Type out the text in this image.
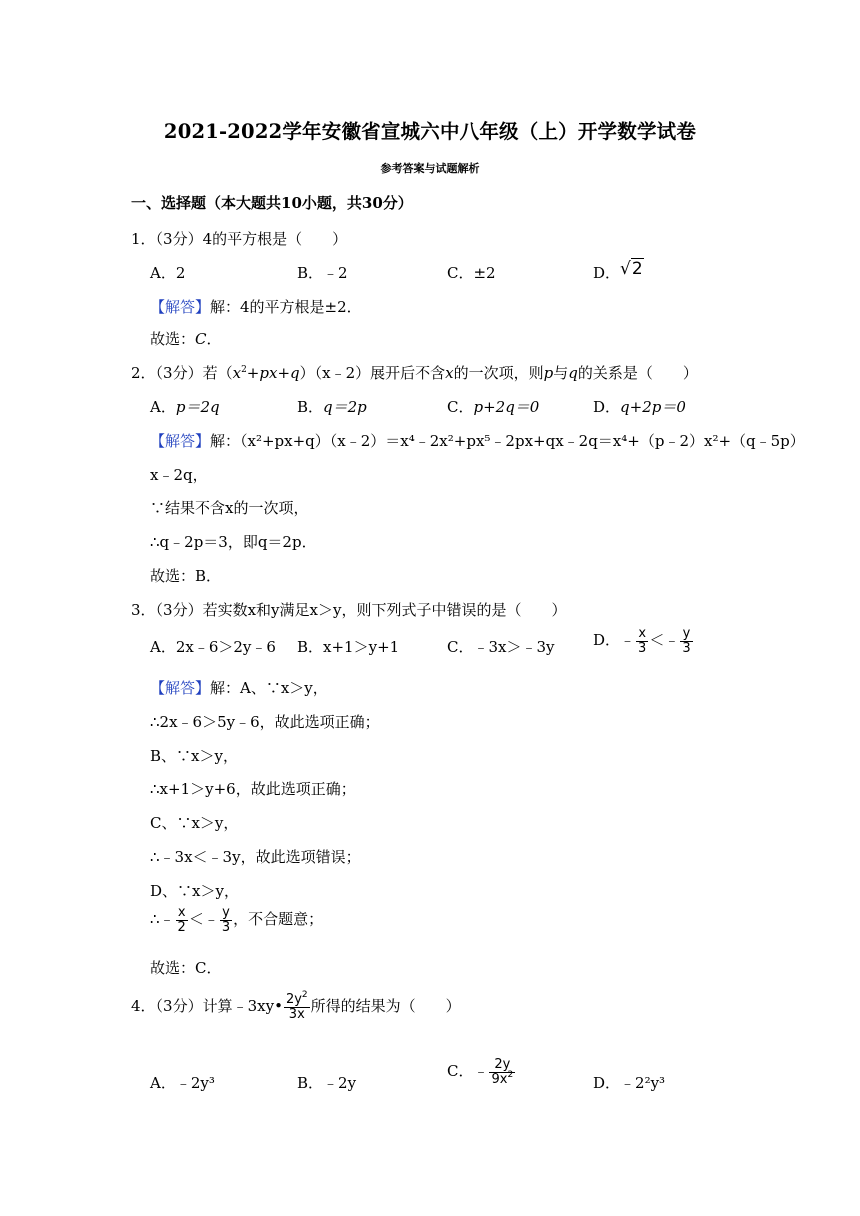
2021-2022学年安徽省宣城六中八年级（上）开学数学试卷
参考答案与试题解析
一、选择题（本大题共10小题，共30分）
1．（3分）4的平方根是（　　）
A．2	B．﹣2	C．±2	D．√2
【解答】解：4的平方根是±2．
故选：C．
2．（3分）若$(x^2+px+q)(x﹣2)$展开后不含x的一次项，则p与q的关系是（　　）
A．p＝2q	B．q＝2p	C．p+2q＝0	D．q+2p＝0
【解答】解：（x²+px+q）（x﹣2）＝x⁴﹣2x²+px⁵﹣2px+qx﹣2q＝x⁴+（p﹣2）x²+（q﹣5p）
x﹣2q，
∵结果不含x的一次项，
∴q﹣2p＝3，即q＝2p．
故选：B．
3．（3分）若实数x和y满足x＞y，则下列式子中错误的是（　　）
A．2x﹣6＞2y﹣6 B．x+1＞y+1	C．﹣3x＞﹣3y	D．﹣ $\frac{x}{3}$ ＜﹣ $\frac{y}{3}$
【解答】解：A、∵x＞y，
∴2x﹣6＞5y﹣6，故此选项正确；
B、∵x＞y，
∴x+1＞y+6，故此选项正确；
C、∵x＞y，
∴﹣3x＜﹣3y，故此选项错误；
D、∵x＞y，
∴﹣ $\frac{x}{2}$ ＜﹣ $\frac{y}{3}$ ，不合题意；
故选：C．
4．（3分）计算﹣3xy• $\frac{2y^2}{3x}$ 所得的结果为（　　）
A．﹣2y³	B．﹣2y
C．﹣ $\frac{2y}{9x^2}$	D．﹣2²y³
